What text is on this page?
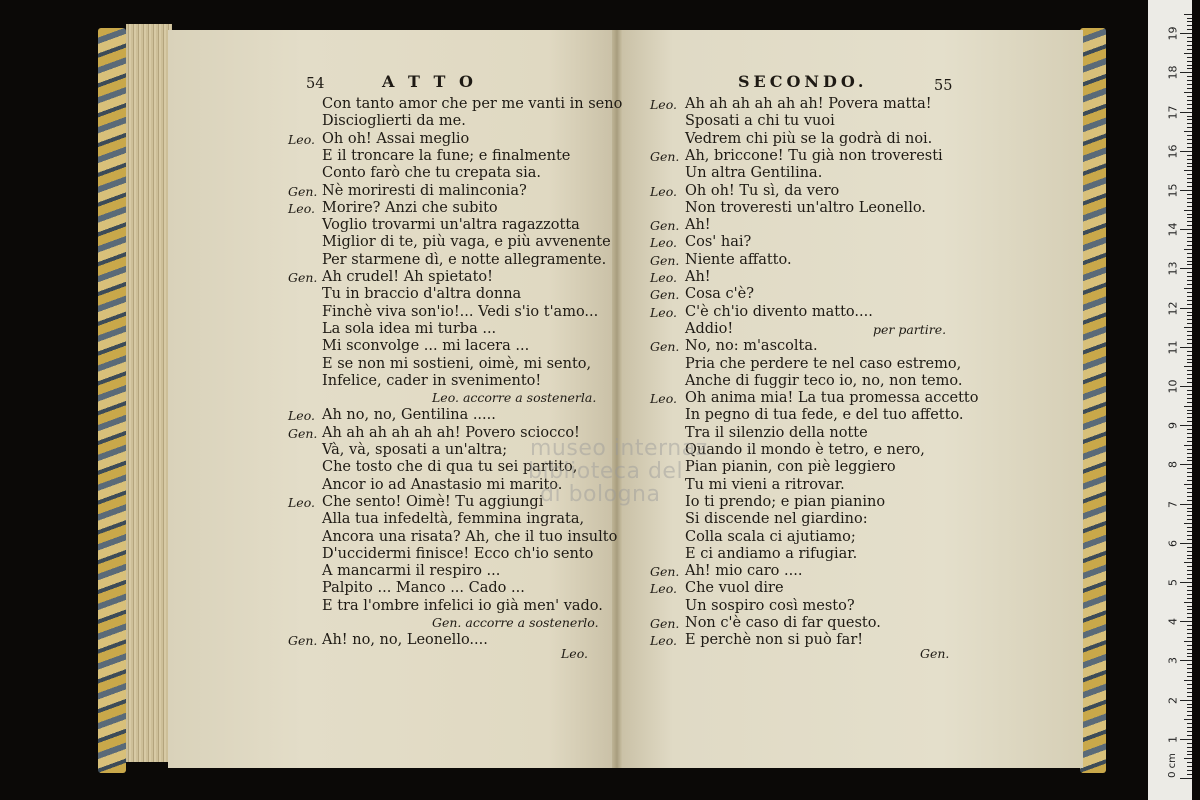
54	A T T O	SECONDO.	55
Con tanto amor che per me vanti in seno
Discioglierti da me.
Leo. Oh oh! Assai meglio
E il troncare la fune; e finalmente
Conto farò che tu crepata sia.
Gen. Nè moriresti di malinconia?
Leo. Morire? Anzi che subito
Voglio trovarmi un'altra ragazzotta
Miglior di te, più vaga, e più avvenente
Per starmene dì, e notte allegramente.
Gen. Ah crudel! Ah spietato!
Tu in braccio d'altra donna
Finchè viva son'io!... Vedi s'io t'amo...
La sola idea mi turba ...
Mi sconvolge ... mi lacera ...
E se non mi sostieni, oimè, mi sento,
Infelice, cader in svenimento!
Leo. accorre a sostenerla.
Leo. Ah no, no, Gentilina .....
Gen. Ah ah ah ah ah ah! Povero sciocco!
Và, và, sposati a un'altra;
Che tosto che di qua tu sei partito,
Ancor io ad Anastasio mi marito.
Leo. Che sento! Oimè! Tu aggiungi
Alla tua infedeltà, femmina ingrata,
Ancora una risata? Ah, che il tuo insulto
D'uccidermi finisce! Ecco ch'io sento
A mancarmi il respiro ...
Palpito ... Manco ... Cado ...
E tra l'ombre infelici io già men' vado.
Gen. accorre a sostenerlo.
Gen. Ah! no, no, Leonello....
Leo. Ah ah ah ah ah ah! Povera matta!
Sposati a chi tu vuoi
Vedrem chi più se la godrà di noi.
Gen. Ah, briccone! Tu già non troveresti
Un altra Gentilina.
Leo. Oh oh! Tu sì, da vero
Non troveresti un'altro Leonello.
Gen. Ah!
Leo. Cos' hai?
Gen. Niente affatto.
Leo. Ah!
Gen. Cosa c'è?
Leo. C'è ch'io divento matto....
Addio!	per partire.
Gen. No, no: m'ascolta.
Pria che perdere te nel caso estremo,
Anche di fuggir teco io, no, non temo.
Leo. Oh anima mia! La tua promessa accetto
In pegno di tua fede, e del tuo affetto.
Tra il silenzio della notte
Quando il mondo è tetro, e nero,
Pian pianin, con piè leggiero
Tu mi vieni a ritrovar.
Io ti prendo; e pian pianino
Si discende nel giardino:
Colla scala ci ajutiamo;
E ci andiamo a rifugiar.
Gen. Ah! mio caro ....
Leo. Che vuol dire
Un sospiro così mesto?
Gen. Non c'è caso di far questo.
Leo. E perchè non si può far!
Leo.	Gen.
museo internaz
biblioteca del
di bologna
0 cm
1
2
3
4
5
6
7
8
9
10
11
12
13
14
15
16
17
18
19
